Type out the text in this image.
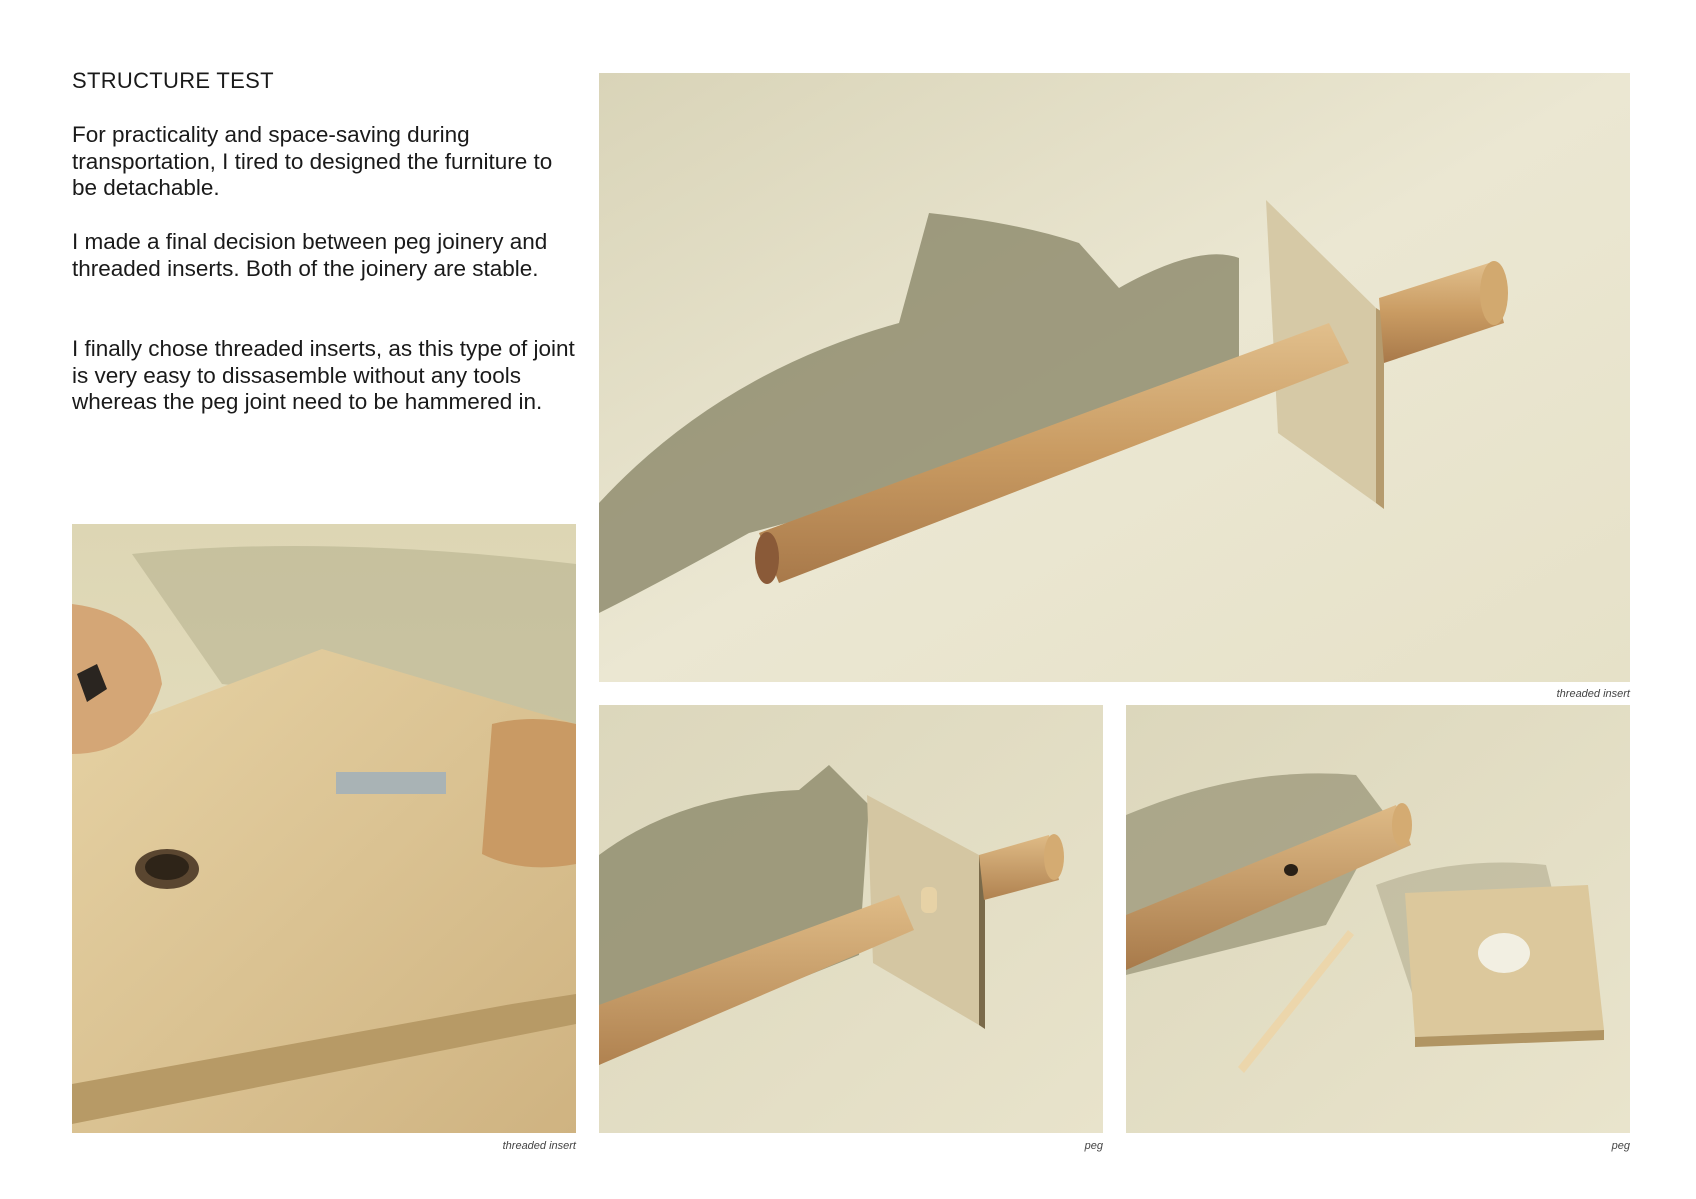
STRUCTURE TEST

For practicality and space-saving during transportation, I tired to designed the furniture to be detachable.

I made a final decision between peg joinery and threaded inserts. Both of the joinery are stable.

I finally chose threaded inserts, as this type of joint is very easy to dissasemble without any tools whereas the peg joint need to be hammered in.

threaded insert
threaded insert	peg	peg
